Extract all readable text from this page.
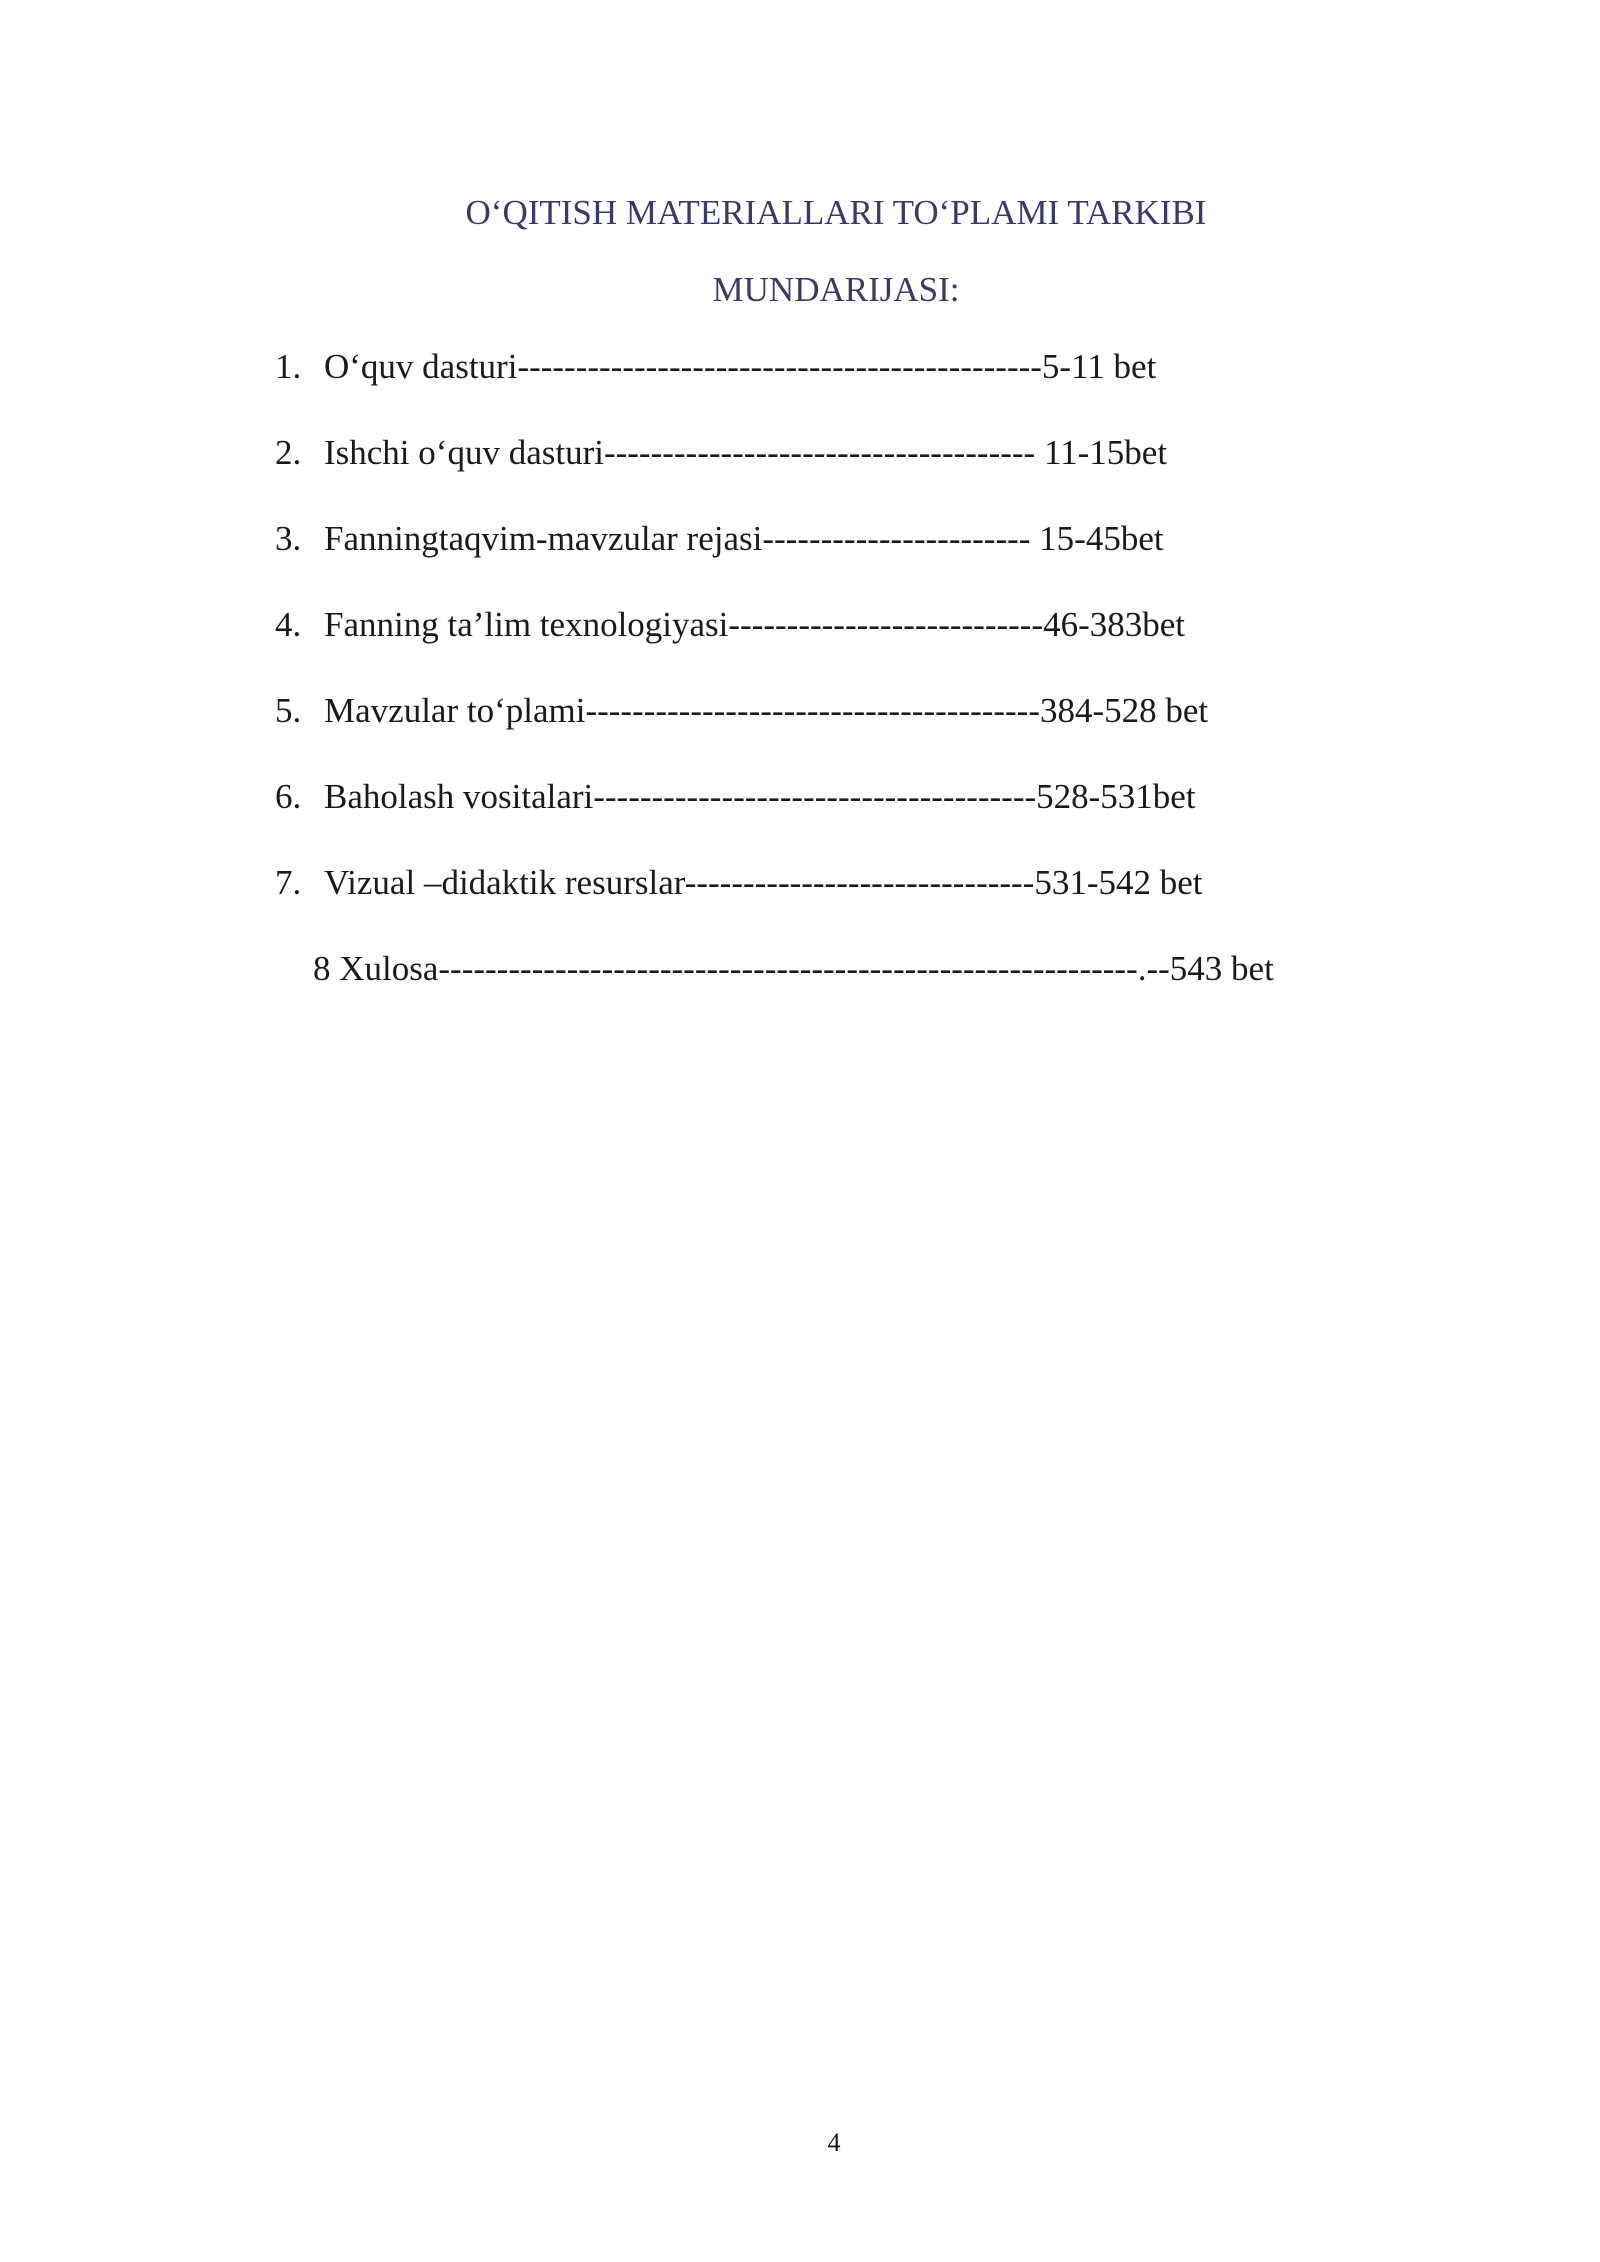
O‘QITISH MATERIALLARI TO‘PLAMI TARKIBI
MUNDARIJASI:
1. O‘quv dasturi---------------------------------------------5-11 bet
2. Ishchi o‘quv dasturi------------------------------------- 11-15bet
3. Fanningtaqvim-mavzular rejasi----------------------- 15-45bet
4. Fanning ta’lim texnologiyasi---------------------------46-383bet
5. Mavzular to‘plami---------------------------------------384-528 bet
6. Baholash vositalari--------------------------------------528-531bet
7. Vizual –didaktik resurslar------------------------------531-542 bet
8 Xulosa------------------------------------------------------------.--543 bet
4
